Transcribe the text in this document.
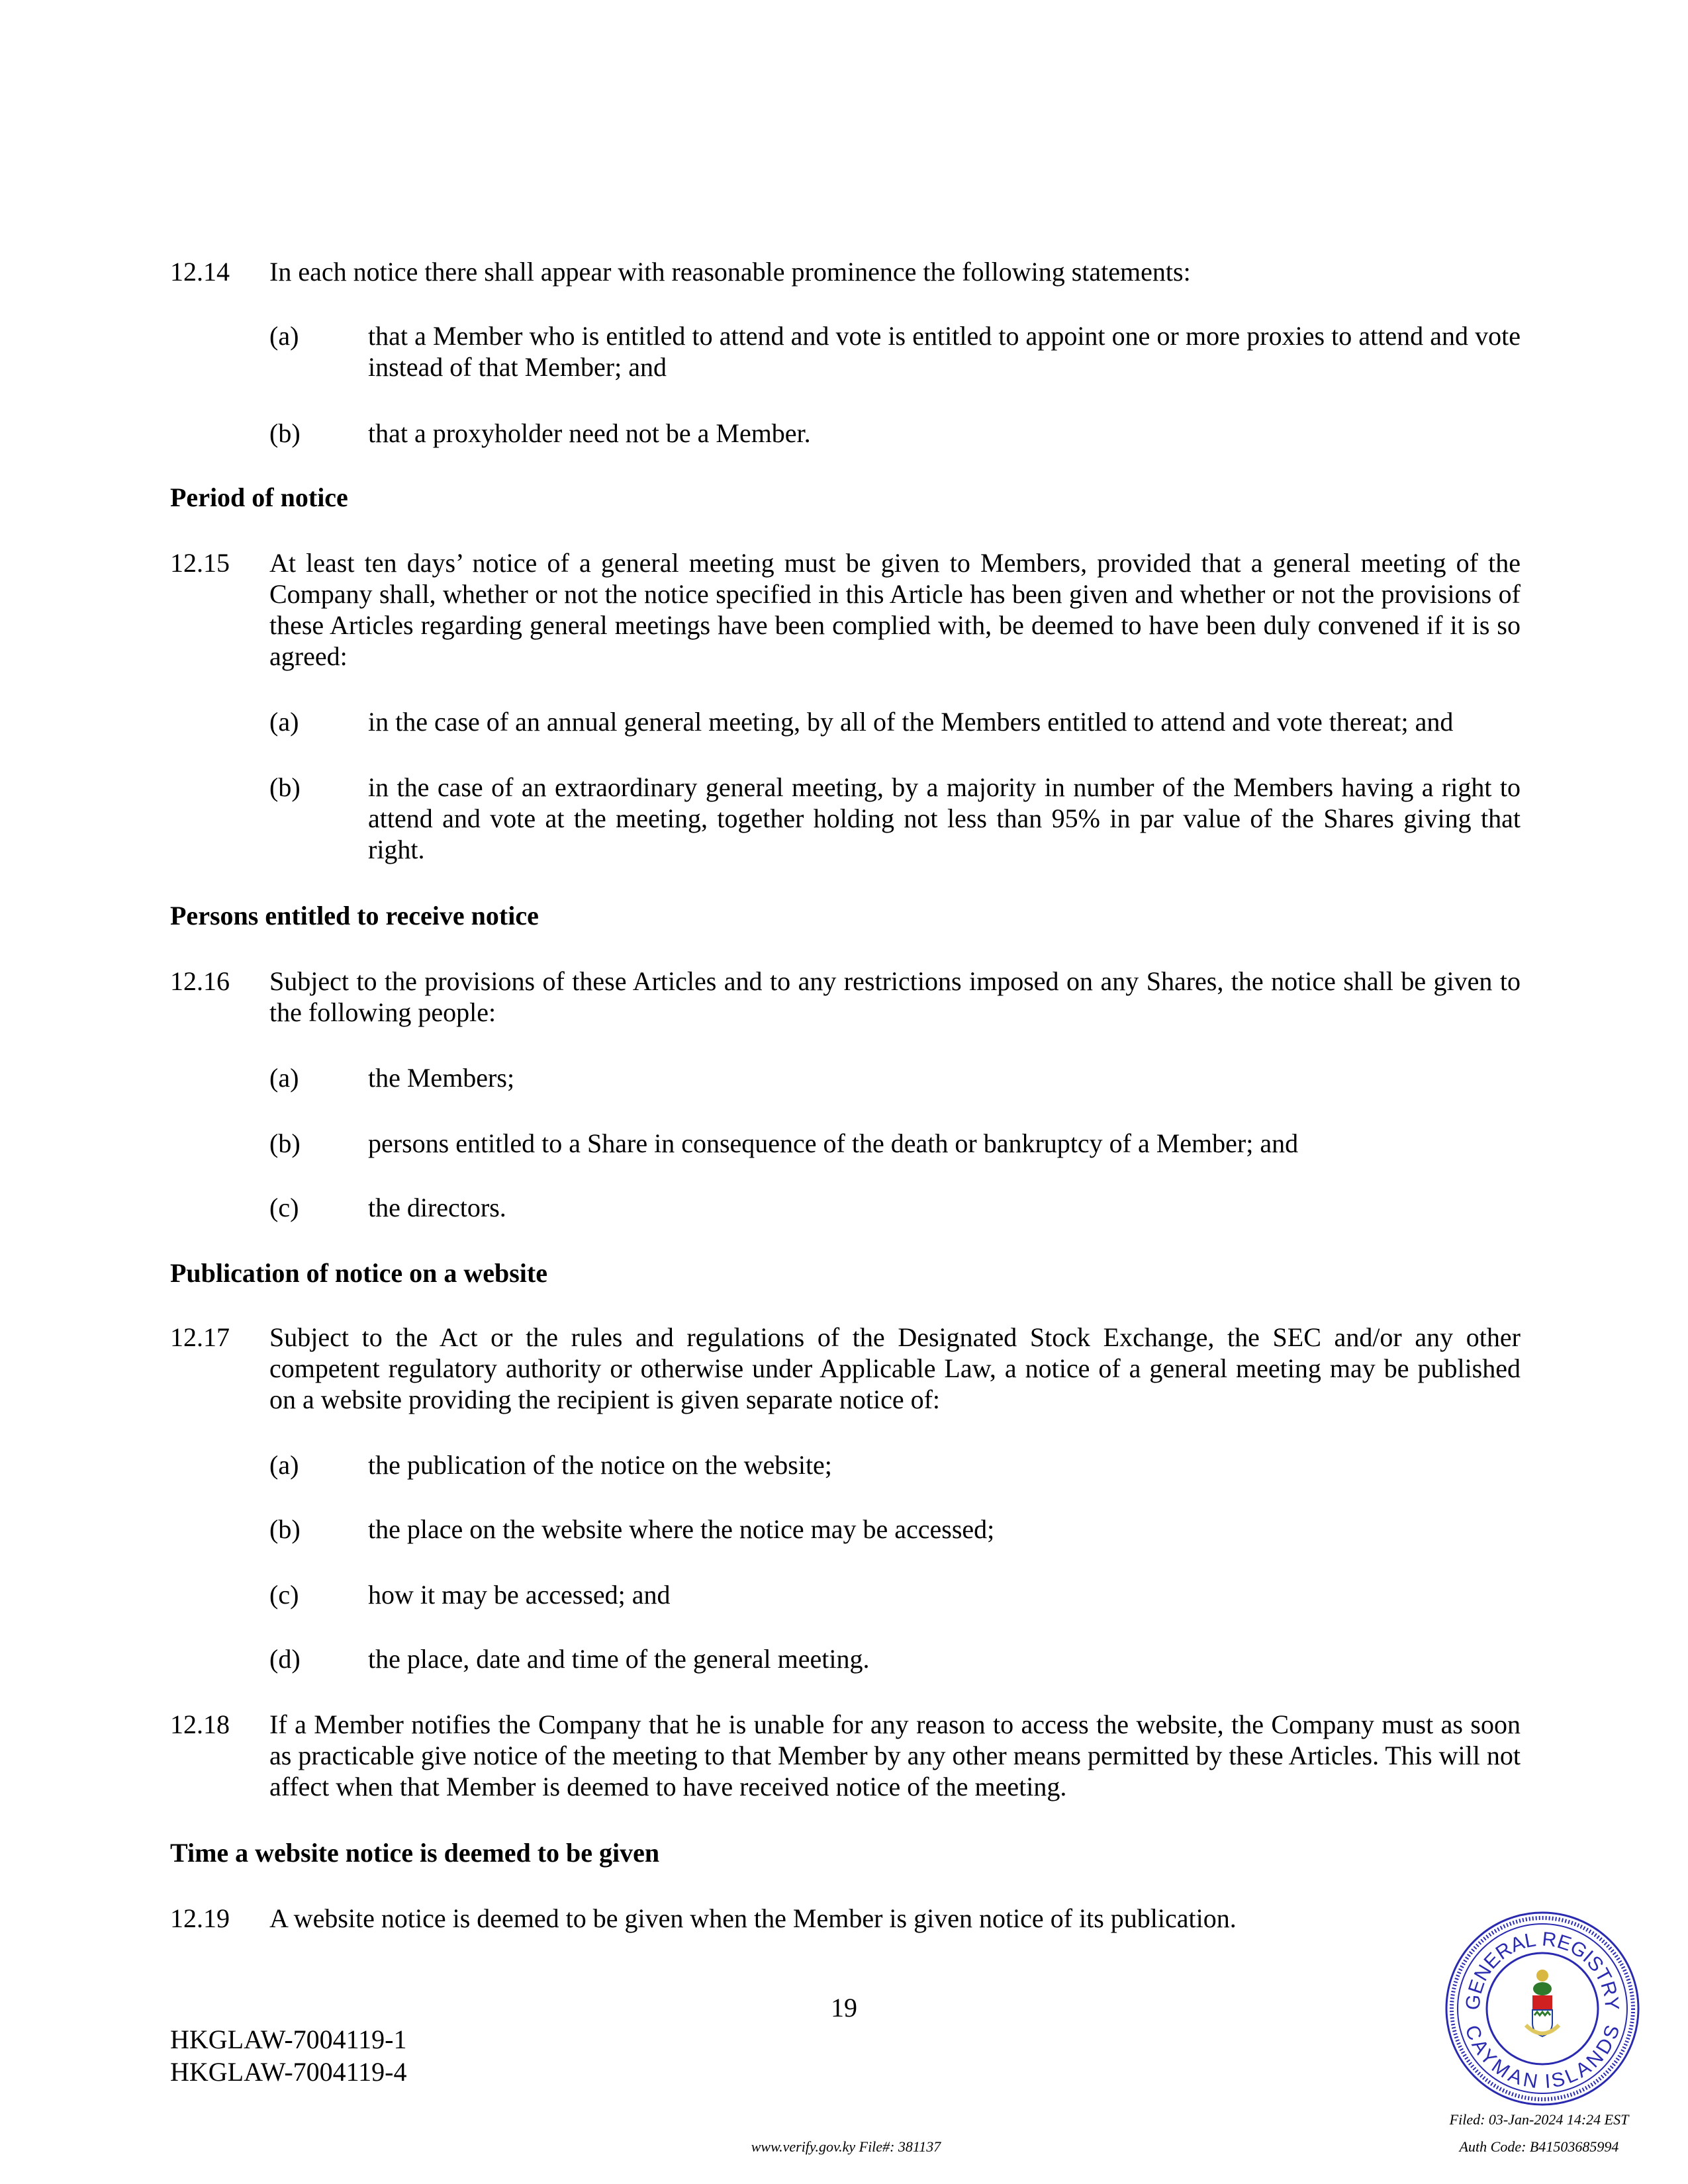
12.14 In each notice there shall appear with reasonable prominence the following statements:
(a)	that a Member who is entitled to attend and vote is entitled to appoint one or more proxies to attend and vote instead of that Member; and
(b)	that a proxyholder need not be a Member.
Period of notice
12.15 At least ten days’ notice of a general meeting must be given to Members, provided that a general meeting of the Company shall, whether or not the notice specified in this Article has been given and whether or not the provisions of these Articles regarding general meetings have been complied with, be deemed to have been duly convened if it is so agreed:
(a)	in the case of an annual general meeting, by all of the Members entitled to attend and vote thereat; and
(b)	in the case of an extraordinary general meeting, by a majority in number of the Members having a right to attend and vote at the meeting, together holding not less than 95% in par value of the Shares giving that right.
Persons entitled to receive notice
12.16 Subject to the provisions of these Articles and to any restrictions imposed on any Shares, the notice shall be given to the following people:
(a)	the Members;
(b)	persons entitled to a Share in consequence of the death or bankruptcy of a Member; and
(c)	the directors.
Publication of notice on a website
12.17 Subject to the Act or the rules and regulations of the Designated Stock Exchange, the SEC and/or any other competent regulatory authority or otherwise under Applicable Law, a notice of a general meeting may be published on a website providing the recipient is given separate notice of:
(a)	the publication of the notice on the website;
(b)	the place on the website where the notice may be accessed;
(c)	how it may be accessed; and
(d)	the place, date and time of the general meeting.
12.18 If a Member notifies the Company that he is unable for any reason to access the website, the Company must as soon as practicable give notice of the meeting to that Member by any other means permitted by these Articles. This will not affect when that Member is deemed to have received notice of the meeting.
Time a website notice is deemed to be given
12.19 A website notice is deemed to be given when the Member is given notice of its publication.
19
HKGLAW-7004119-1
HKGLAW-7004119-4
www.verify.gov.ky File#: 381137
Filed: 03-Jan-2024 14:24 EST
Auth Code: B41503685994
GENERAL REGISTRY
CAYMAN ISLANDS
